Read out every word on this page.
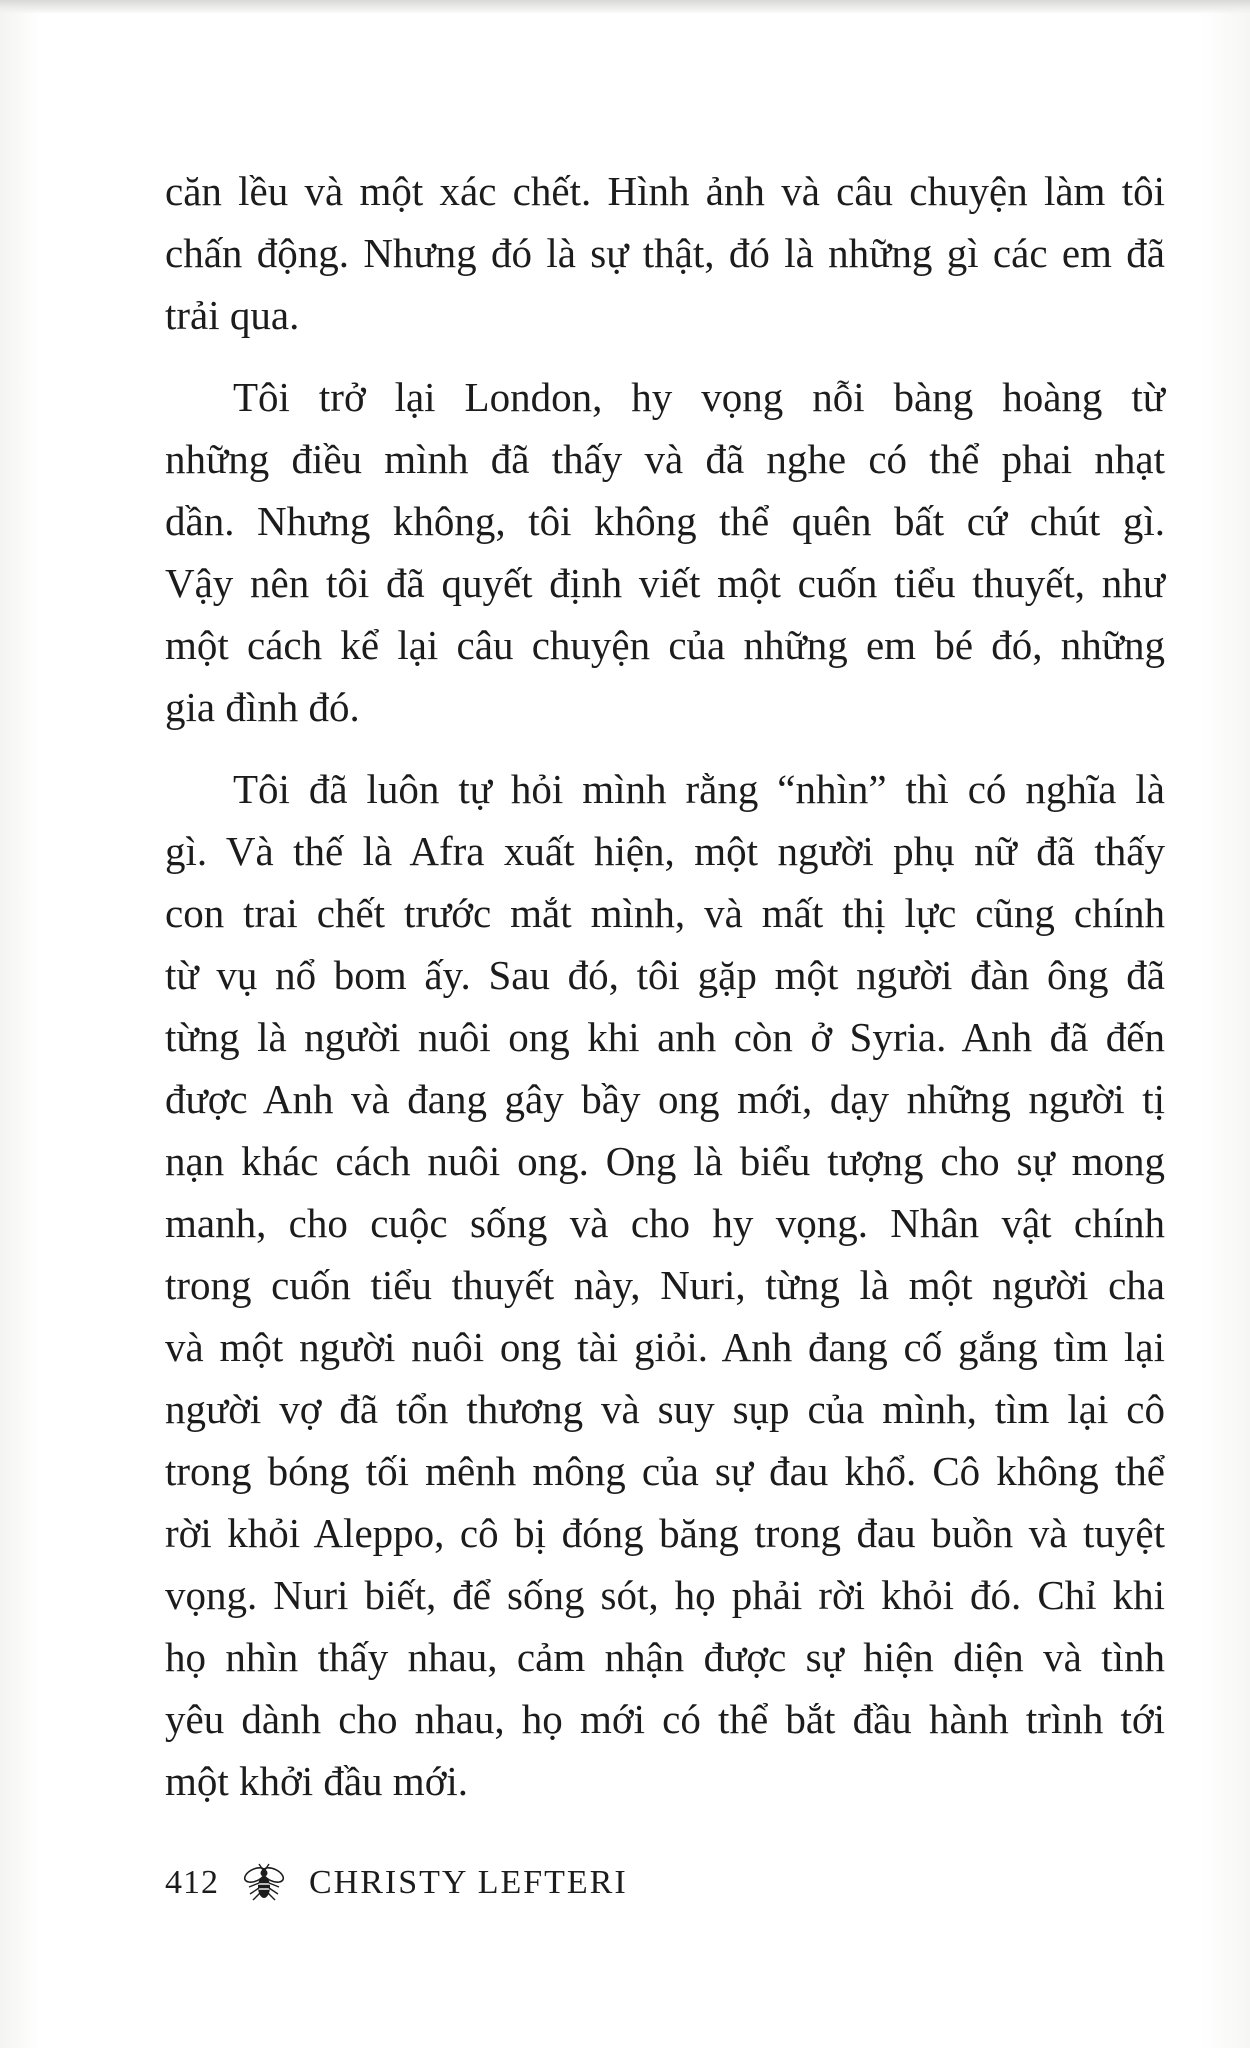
căn lều và một xác chết. Hình ảnh và câu chuyện làm tôi
chấn động. Nhưng đó là sự thật, đó là những gì các em đã
trải qua.
Tôi trở lại London, hy vọng nỗi bàng hoàng từ
những điều mình đã thấy và đã nghe có thể phai nhạt
dần. Nhưng không, tôi không thể quên bất cứ chút gì.
Vậy nên tôi đã quyết định viết một cuốn tiểu thuyết, như
một cách kể lại câu chuyện của những em bé đó, những
gia đình đó.
Tôi đã luôn tự hỏi mình rằng “nhìn” thì có nghĩa là
gì. Và thế là Afra xuất hiện, một người phụ nữ đã thấy
con trai chết trước mắt mình, và mất thị lực cũng chính
từ vụ nổ bom ấy. Sau đó, tôi gặp một người đàn ông đã
từng là người nuôi ong khi anh còn ở Syria. Anh đã đến
được Anh và đang gây bầy ong mới, dạy những người tị
nạn khác cách nuôi ong. Ong là biểu tượng cho sự mong
manh, cho cuộc sống và cho hy vọng. Nhân vật chính
trong cuốn tiểu thuyết này, Nuri, từng là một người cha
và một người nuôi ong tài giỏi. Anh đang cố gắng tìm lại
người vợ đã tổn thương và suy sụp của mình, tìm lại cô
trong bóng tối mênh mông của sự đau khổ. Cô không thể
rời khỏi Aleppo, cô bị đóng băng trong đau buồn và tuyệt
vọng. Nuri biết, để sống sót, họ phải rời khỏi đó. Chỉ khi
họ nhìn thấy nhau, cảm nhận được sự hiện diện và tình
yêu dành cho nhau, họ mới có thể bắt đầu hành trình tới
một khởi đầu mới.
412	CHRISTY LEFTERI
